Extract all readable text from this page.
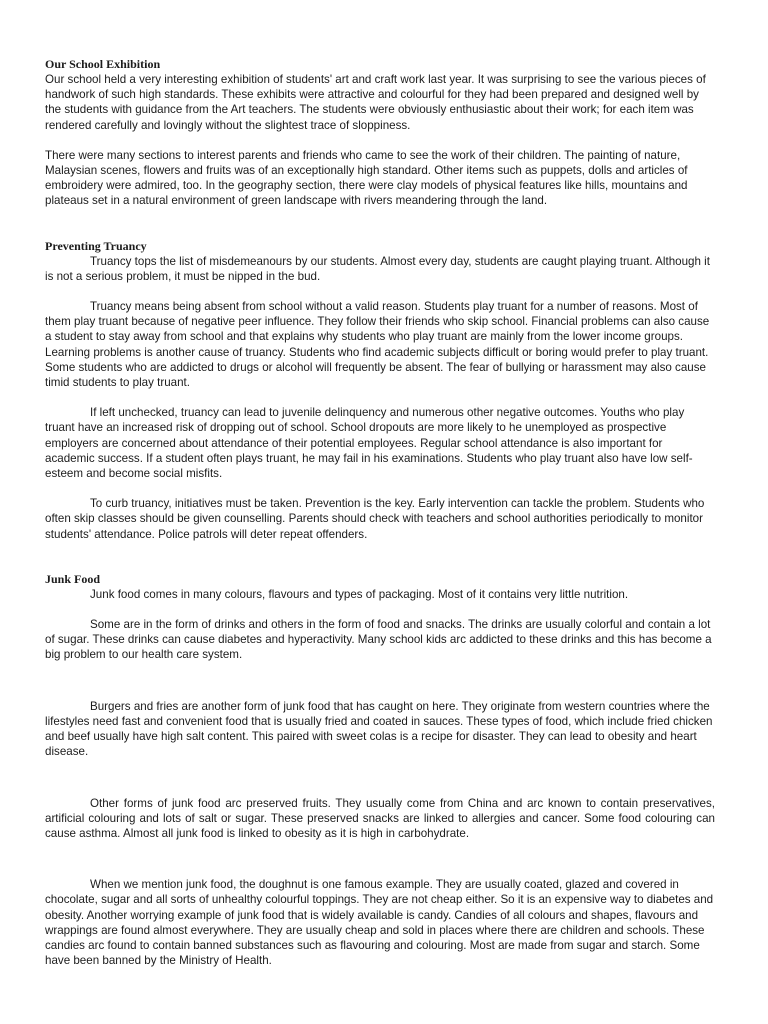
Our School Exhibition

Our school held a very interesting exhibition of students' art and craft work last year. It was surprising to see the various pieces of handwork of such high standards. These exhibits were attractive and colourful for they had been prepared and designed well by the students with guidance from the Art teachers. The students were obviously enthusiastic about their work; for each item was rendered carefully and lovingly without the slightest trace of sloppiness.

There were many sections to interest parents and friends who came to see the work of their children. The painting of nature, Malaysian scenes, flowers and fruits was of an exceptionally high standard. Other items such as puppets, dolls and articles of embroidery were admired, too. In the geography section, there were clay models of physical features like hills, mountains and plateaus set in a natural environment of green landscape with rivers meandering through the land.

Preventing Truancy

Truancy tops the list of misdemeanours by our students. Almost every day, students are caught playing truant. Although it is not a serious problem, it must be nipped in the bud.

Truancy means being absent from school without a valid reason. Students play truant for a number of reasons. Most of them play truant because of negative peer influence. They follow their friends who skip school. Financial problems can also cause a student to stay away from school and that explains why students who play truant are mainly from the lower income groups. Learning problems is another cause of truancy. Students who find academic subjects difficult or boring would prefer to play truant. Some students who are addicted to drugs or alcohol will frequently be absent. The fear of bullying or harassment may also cause timid students to play truant.

If left unchecked, truancy can lead to juvenile delinquency and numerous other negative outcomes. Youths who play truant have an increased risk of dropping out of school. School dropouts are more likely to he unemployed as prospective employers are concerned about attendance of their potential employees. Regular school attendance is also important for academic success. If a student often plays truant, he may fail in his examinations. Students who play truant also have low self-esteem and become social misfits.

To curb truancy, initiatives must be taken. Prevention is the key. Early intervention can tackle the problem. Students who often skip classes should be given counselling. Parents should check with teachers and school authorities periodically to monitor students' attendance. Police patrols will deter repeat offenders.

Junk Food

Junk food comes in many colours, flavours and types of packaging. Most of it contains very little nutrition.

Some are in the form of drinks and others in the form of food and snacks. The drinks are usually colorful and contain a lot of sugar. These drinks can cause diabetes and hyperactivity. Many school kids arc addicted to these drinks and this has become a big problem to our health care system.

Burgers and fries are another form of junk food that has caught on here. They originate from western countries where the lifestyles need fast and convenient food that is usually fried and coated in sauces. These types of food, which include fried chicken and beef usually have high salt content. This paired with sweet colas is a recipe for disaster. They can lead to obesity and heart disease.

Other forms of junk food arc preserved fruits. They usually come from China and arc known to contain preservatives, artificial colouring and lots of salt or sugar. These preserved snacks are linked to allergies and cancer. Some food colouring can cause asthma. Almost all junk food is linked to obesity as it is high in carbohydrate.

When we mention junk food, the doughnut is one famous example. They are usually coated, glazed and covered in chocolate, sugar and all sorts of unhealthy colourful toppings. They are not cheap either. So it is an expensive way to diabetes and obesity. Another worrying example of junk food that is widely available is candy. Candies of all colours and shapes, flavours and wrappings are found almost everywhere. They are usually cheap and sold in places where there are children and schools. These candies arc found to contain banned substances such as flavouring and colouring. Most are made from sugar and starch. Some have been banned by the Ministry of Health.
